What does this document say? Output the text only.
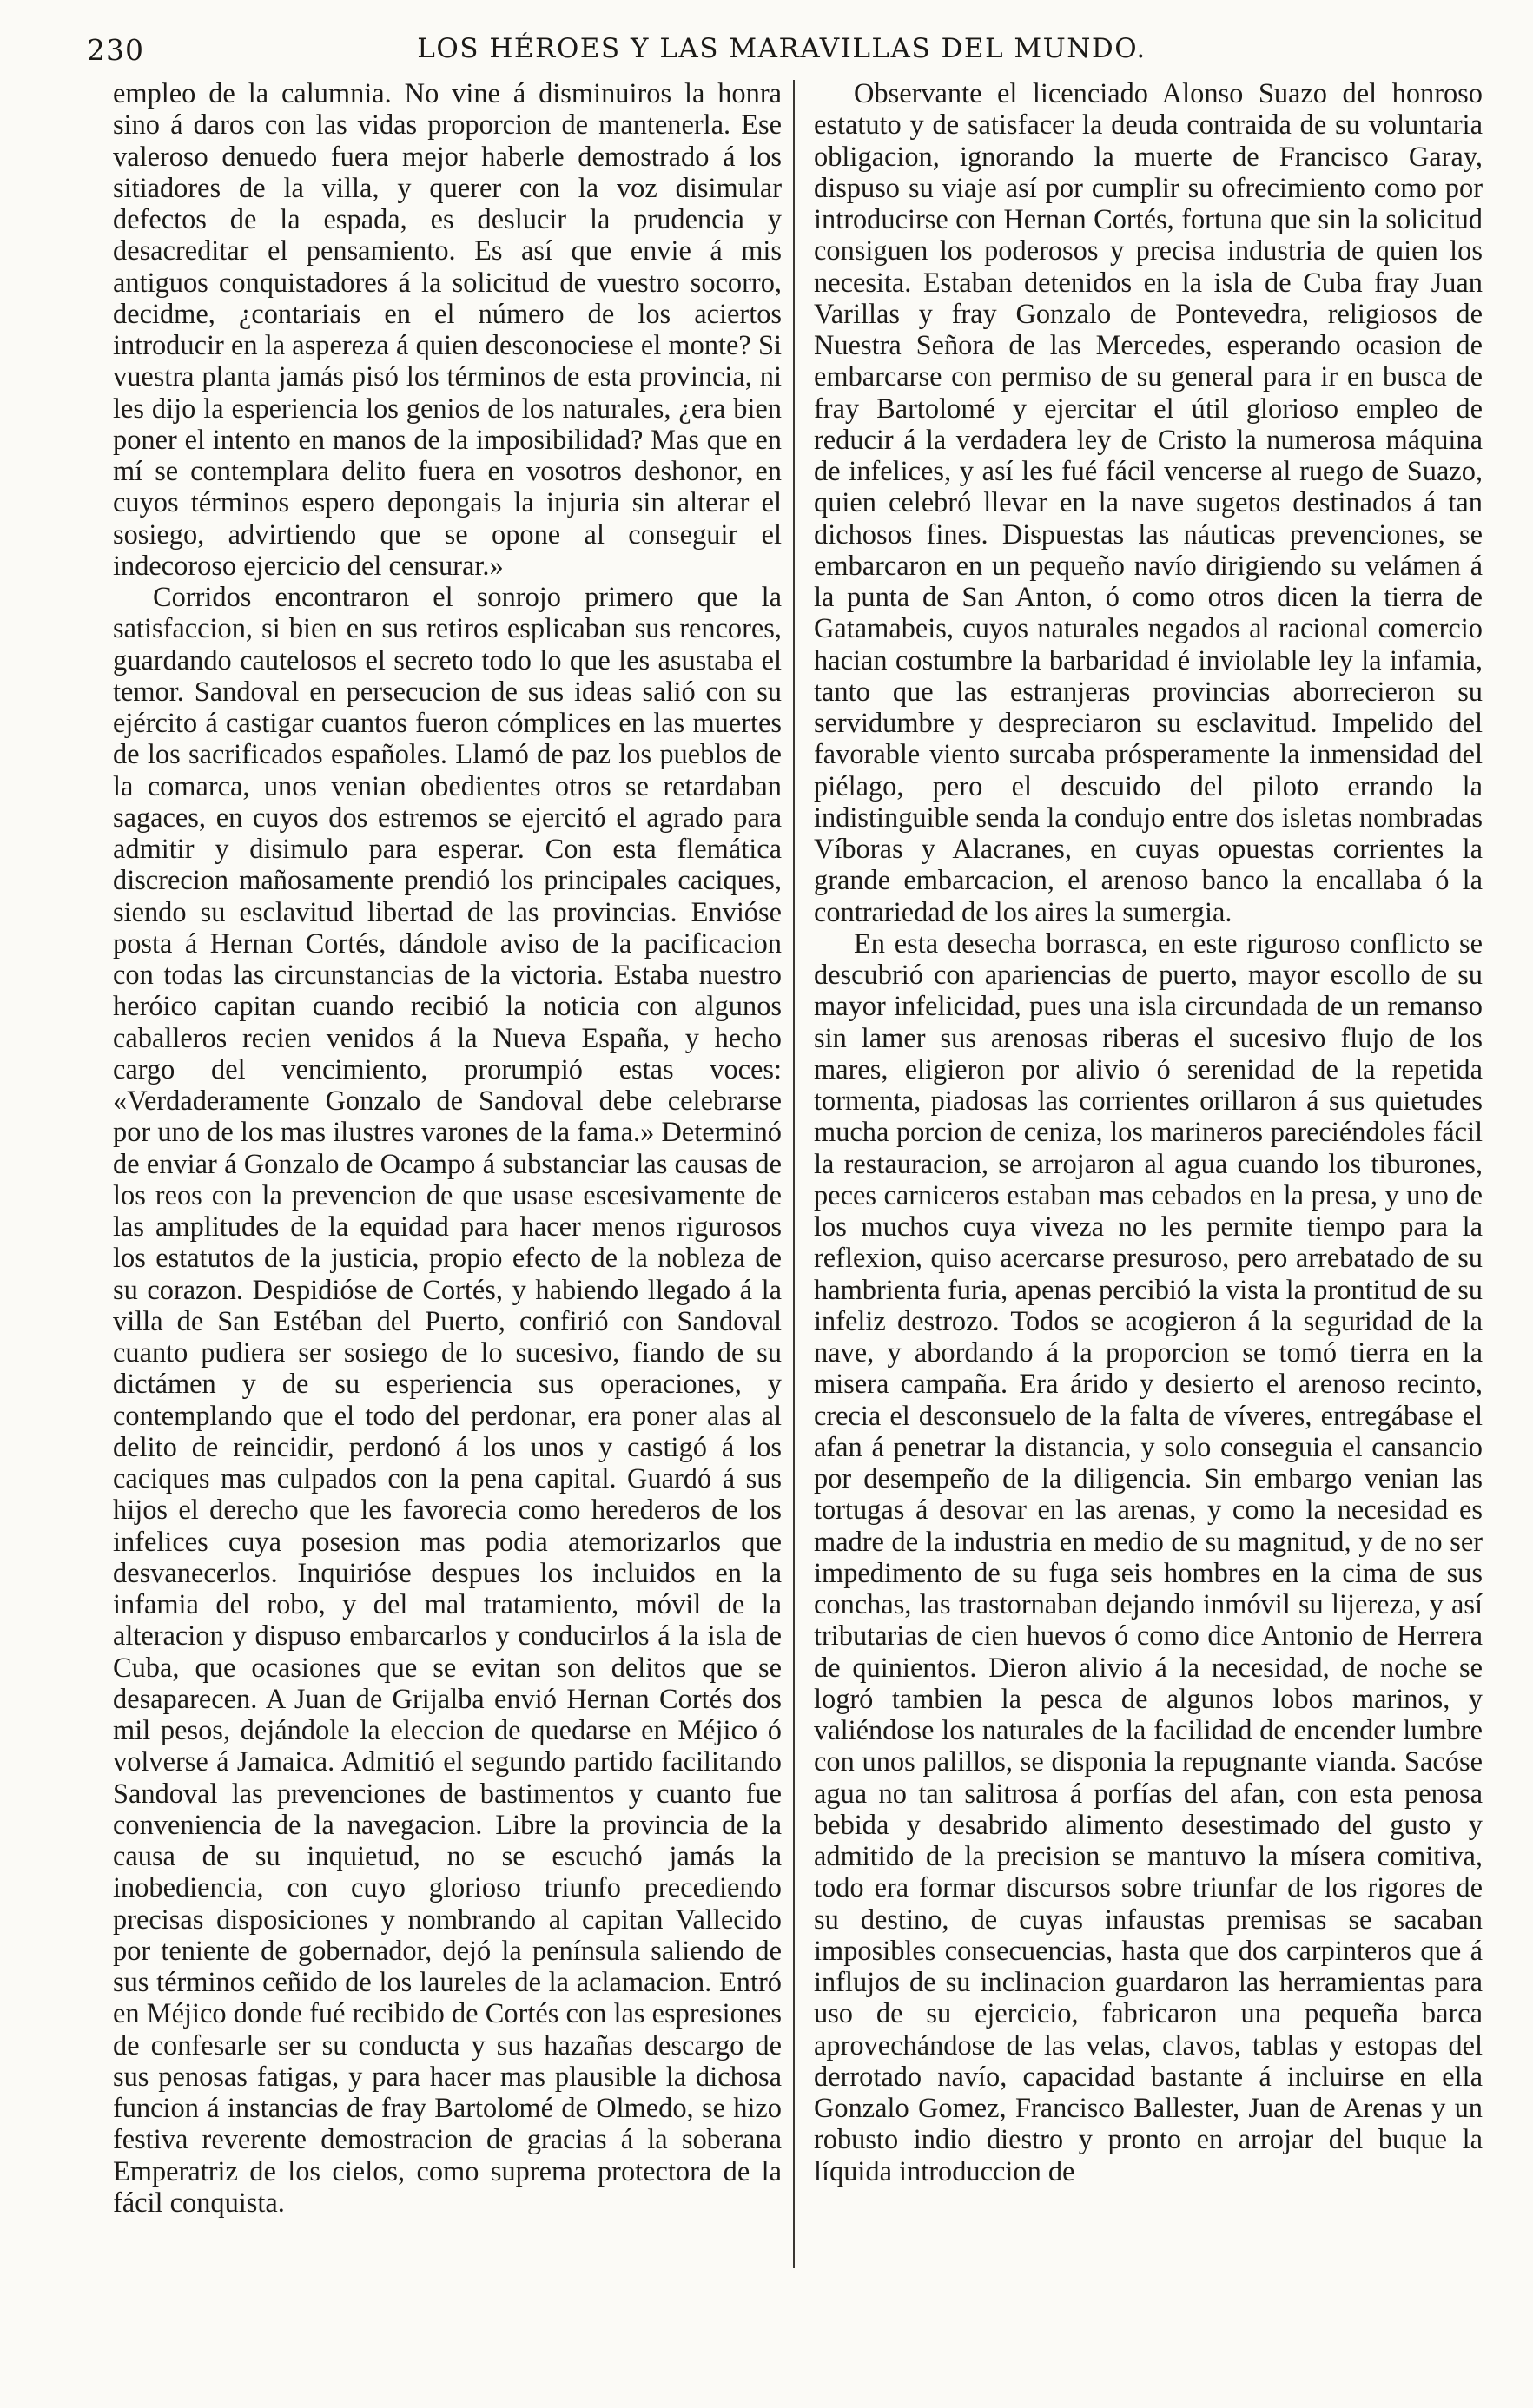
230	LOS HÉROES Y LAS MARAVILLAS DEL MUNDO.

empleo de la calumnia. No vine á disminuiros la honra sino á daros con las vidas proporcion de mantenerla. Ese valeroso denuedo fuera mejor haberle demostrado á los sitiadores de la villa, y querer con la voz disimular defectos de la espada, es deslucir la prudencia y desacreditar el pensamiento. Es así que envie á mis antiguos conquistadores á la solicitud de vuestro socorro, decidme, ¿contariais en el número de los aciertos introducir en la aspereza á quien desconociese el monte? Si vuestra planta jamás pisó los términos de esta provincia, ni les dijo la esperiencia los genios de los naturales, ¿era bien poner el intento en manos de la imposibilidad? Mas que en mí se contemplara delito fuera en vosotros deshonor, en cuyos términos espero depongais la injuria sin alterar el sosiego, advirtiendo que se opone al conseguir el indecoroso ejercicio del censurar.»

Corridos encontraron el sonrojo primero que la satisfaccion, si bien en sus retiros esplicaban sus rencores, guardando cautelosos el secreto todo lo que les asustaba el temor. Sandoval en persecucion de sus ideas salió con su ejército á castigar cuantos fueron cómplices en las muertes de los sacrificados españoles. Llamó de paz los pueblos de la comarca, unos venian obedientes otros se retardaban sagaces, en cuyos dos estremos se ejercitó el agrado para admitir y disimulo para esperar. Con esta flemática discrecion mañosamente prendió los principales caciques, siendo su esclavitud libertad de las provincias. Envióse posta á Hernan Cortés, dándole aviso de la pacificacion con todas las circunstancias de la victoria. Estaba nuestro heróico capitan cuando recibió la noticia con algunos caballeros recien venidos á la Nueva España, y hecho cargo del vencimiento, prorumpió estas voces: «Verdaderamente Gonzalo de Sandoval debe celebrarse por uno de los mas ilustres varones de la fama.» Determinó de enviar á Gonzalo de Ocampo á substanciar las causas de los reos con la prevencion de que usase escesivamente de las amplitudes de la equidad para hacer menos rigurosos los estatutos de la justicia, propio efecto de la nobleza de su corazon. Despidióse de Cortés, y habiendo llegado á la villa de San Estéban del Puerto, confirió con Sandoval cuanto pudiera ser sosiego de lo sucesivo, fiando de su dictámen y de su esperiencia sus operaciones, y contemplando que el todo del perdonar, era poner alas al delito de reincidir, perdonó á los unos y castigó á los caciques mas culpados con la pena capital. Guardó á sus hijos el derecho que les favorecia como herederos de los infelices cuya posesion mas podia atemorizarlos que desvanecerlos. Inquirióse despues los incluidos en la infamia del robo, y del mal tratamiento, móvil de la alteracion y dispuso embarcarlos y conducirlos á la isla de Cuba, que ocasiones que se evitan son delitos que se desaparecen. A Juan de Grijalba envió Hernan Cortés dos mil pesos, dejándole la eleccion de quedarse en Méjico ó volverse á Jamaica. Admitió el segundo partido facilitando Sandoval las prevenciones de bastimentos y cuanto fue conveniencia de la navegacion. Libre la provincia de la causa de su inquietud, no se escuchó jamás la inobediencia, con cuyo glorioso triunfo precediendo precisas disposiciones y nombrando al capitan Vallecido por teniente de gobernador, dejó la península saliendo de sus términos ceñido de los laureles de la aclamacion. Entró en Méjico donde fué recibido de Cortés con las espresiones de confesarle ser su conducta y sus hazañas descargo de sus penosas fatigas, y para hacer mas plausible la dichosa funcion á instancias de fray Bartolomé de Olmedo, se hizo festiva reverente demostracion de gracias á la soberana Emperatriz de los cielos, como suprema protectora de la fácil conquista.

Observante el licenciado Alonso Suazo del honroso estatuto y de satisfacer la deuda contraida de su voluntaria obligacion, ignorando la muerte de Francisco Garay, dispuso su viaje así por cumplir su ofrecimiento como por introducirse con Hernan Cortés, fortuna que sin la solicitud consiguen los poderosos y precisa industria de quien los necesita. Estaban detenidos en la isla de Cuba fray Juan Varillas y fray Gonzalo de Pontevedra, religiosos de Nuestra Señora de las Mercedes, esperando ocasion de embarcarse con permiso de su general para ir en busca de fray Bartolomé y ejercitar el útil glorioso empleo de reducir á la verdadera ley de Cristo la numerosa máquina de infelices, y así les fué fácil vencerse al ruego de Suazo, quien celebró llevar en la nave sugetos destinados á tan dichosos fines. Dispuestas las náuticas prevenciones, se embarcaron en un pequeño navío dirigiendo su velámen á la punta de San Anton, ó como otros dicen la tierra de Gatamabeis, cuyos naturales negados al racional comercio hacian costumbre la barbaridad é inviolable ley la infamia, tanto que las estranjeras provincias aborrecieron su servidumbre y despreciaron su esclavitud. Impelido del favorable viento surcaba prósperamente la inmensidad del piélago, pero el descuido del piloto errando la indistinguible senda la condujo entre dos isletas nombradas Víboras y Alacranes, en cuyas opuestas corrientes la grande embarcacion, el arenoso banco la encallaba ó la contrariedad de los aires la sumergia.

En esta desecha borrasca, en este riguroso conflicto se descubrió con apariencias de puerto, mayor escollo de su mayor infelicidad, pues una isla circundada de un remanso sin lamer sus arenosas riberas el sucesivo flujo de los mares, eligieron por alivio ó serenidad de la repetida tormenta, piadosas las corrientes orillaron á sus quietudes mucha porcion de ceniza, los marineros pareciéndoles fácil la restauracion, se arrojaron al agua cuando los tiburones, peces carniceros estaban mas cebados en la presa, y uno de los muchos cuya viveza no les permite tiempo para la reflexion, quiso acercarse presuroso, pero arrebatado de su hambrienta furia, apenas percibió la vista la prontitud de su infeliz destrozo. Todos se acogieron á la seguridad de la nave, y abordando á la proporcion se tomó tierra en la misera campaña. Era árido y desierto el arenoso recinto, crecia el desconsuelo de la falta de víveres, entregábase el afan á penetrar la distancia, y solo conseguia el cansancio por desempeño de la diligencia. Sin embargo venian las tortugas á desovar en las arenas, y como la necesidad es madre de la industria en medio de su magnitud, y de no ser impedimento de su fuga seis hombres en la cima de sus conchas, las trastornaban dejando inmóvil su lijereza, y así tributarias de cien huevos ó como dice Antonio de Herrera de quinientos. Dieron alivio á la necesidad, de noche se logró tambien la pesca de algunos lobos marinos, y valiéndose los naturales de la facilidad de encender lumbre con unos palillos, se disponia la repugnante vianda. Sacóse agua no tan salitrosa á porfías del afan, con esta penosa bebida y desabrido alimento desestimado del gusto y admitido de la precision se mantuvo la mísera comitiva, todo era formar discursos sobre triunfar de los rigores de su destino, de cuyas infaustas premisas se sacaban imposibles consecuencias, hasta que dos carpinteros que á influjos de su inclinacion guardaron las herramientas para uso de su ejercicio, fabricaron una pequeña barca aprovechándose de las velas, clavos, tablas y estopas del derrotado navío, capacidad bastante á incluirse en ella Gonzalo Gomez, Francisco Ballester, Juan de Arenas y un robusto indio diestro y pronto en arrojar del buque la líquida introduccion de
